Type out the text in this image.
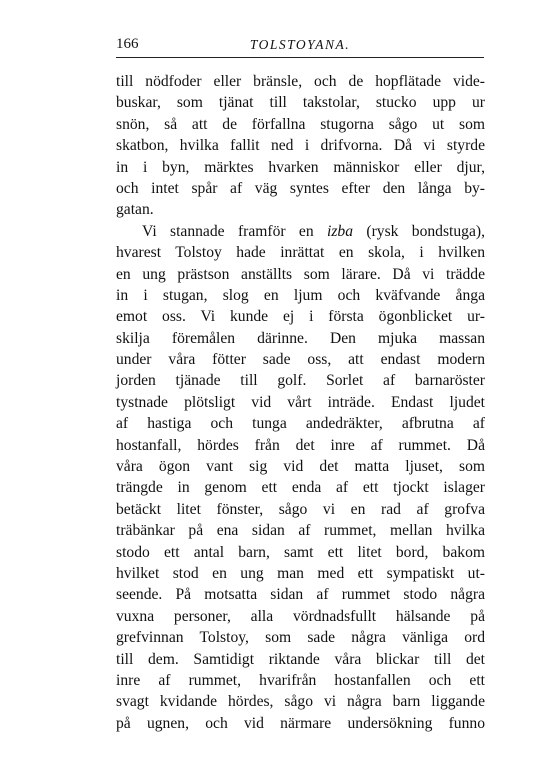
166	TOLSTOYANA.
till nödfoder eller bränsle, och de hopflätade vide-
buskar, som tjänat till takstolar, stucko upp ur
snön, så att de förfallna stugorna sågo ut som
skatbon, hvilka fallit ned i drifvorna. Då vi styrde
in i byn, märktes hvarken människor eller djur,
och intet spår af väg syntes efter den långa by-
gatan.
Vi stannade framför en izba (rysk bondstuga),
hvarest Tolstoy hade inrättat en skola, i hvilken
en ung prästson anställts som lärare. Då vi trädde
in i stugan, slog en ljum och kväfvande ånga
emot oss. Vi kunde ej i första ögonblicket ur-
skilja föremålen därinne. Den mjuka massan
under våra fötter sade oss, att endast modern
jorden tjänade till golf. Sorlet af barnaröster
tystnade plötsligt vid vårt inträde. Endast ljudet
af hastiga och tunga andedräkter, afbrutna af
hostanfall, hördes från det inre af rummet. Då
våra ögon vant sig vid det matta ljuset, som
trängde in genom ett enda af ett tjockt islager
betäckt litet fönster, sågo vi en rad af grofva
träbänkar på ena sidan af rummet, mellan hvilka
stodo ett antal barn, samt ett litet bord, bakom
hvilket stod en ung man med ett sympatiskt ut-
seende. På motsatta sidan af rummet stodo några
vuxna personer, alla vördnadsfullt hälsande på
grefvinnan Tolstoy, som sade några vänliga ord
till dem. Samtidigt riktande våra blickar till det
inre af rummet, hvarifrån hostanfallen och ett
svagt kvidande hördes, sågo vi några barn liggande
på ugnen, och vid närmare undersökning funno
